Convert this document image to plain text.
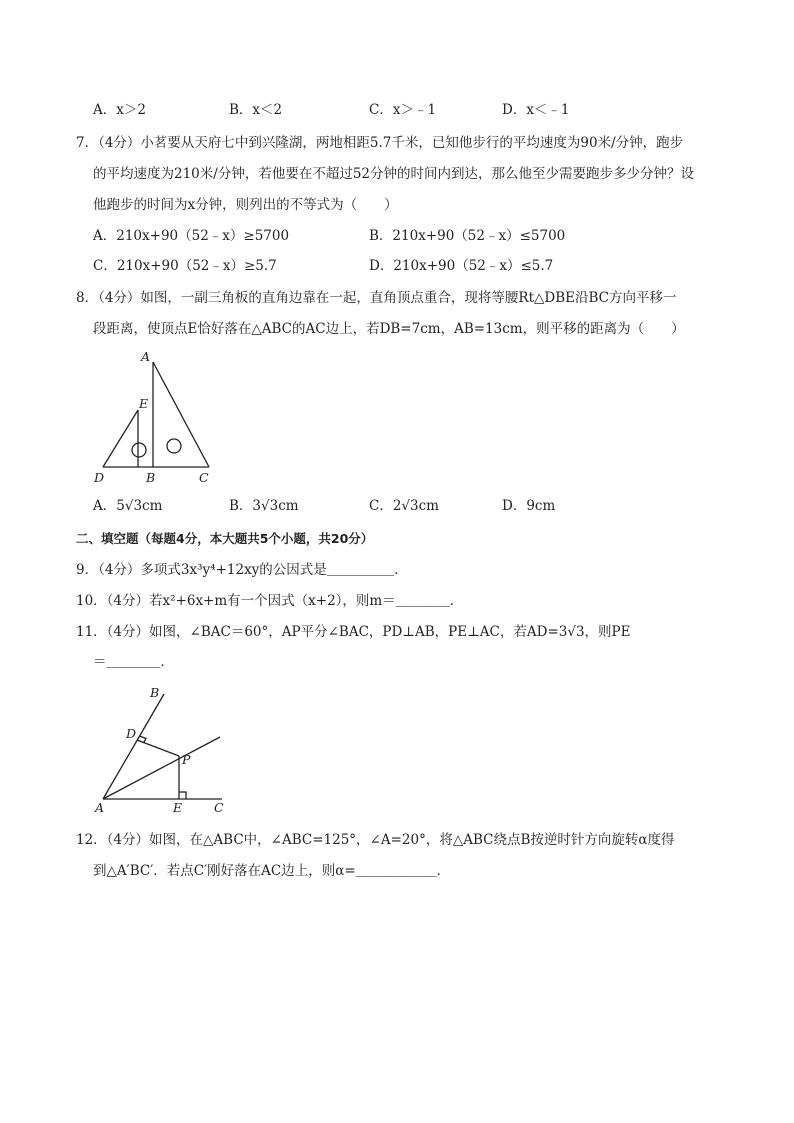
A．x＞2	B．x＜2	C．x＞﹣1	D．x＜﹣1
7．（4分）小茗要从天府七中到兴隆湖，两地相距5.7千米，已知他步行的平均速度为90米/分钟，跑步
的平均速度为210米/分钟，若他要在不超过52分钟的时间内到达，那么他至少需要跑步多少分钟？设
他跑步的时间为x分钟，则列出的不等式为（　　）
A．210x+90（52﹣x）≥5700	B．210x+90（52﹣x）≤5700
C．210x+90（52﹣x）≥5.7	D．210x+90（52﹣x）≤5.7
8．（4分）如图，一副三角板的直角边靠在一起，直角顶点重合，现将等腰Rt△DBE沿BC方向平移一
段距离，使顶点E恰好落在△ABC的AC边上，若DB=7cm，AB=13cm，则平移的距离为（　　）
A
E
D	B	C
A．5√3cm	B．3√3cm	C．2√3cm	D．9cm
二、填空题（每题4分，本大题共5个小题，共20分）
9．（4分）多项式3x³y⁴+12xy的公因式是＿＿＿＿＿．
10．（4分）若x²+6x+m有一个因式（x+2），则m＝＿＿＿＿．
11．（4分）如图，∠BAC＝60°，AP平分∠BAC，PD⊥AB，PE⊥AC，若AD=3√3，则PE
＝＿＿＿＿．
B
D
P
A	E	C
12．（4分）如图，在△ABC中，∠ABC=125°，∠A=20°，将△ABC绕点B按逆时针方向旋转α度得
到△A′BC′．若点C′刚好落在AC边上，则α=＿＿＿＿＿＿．
